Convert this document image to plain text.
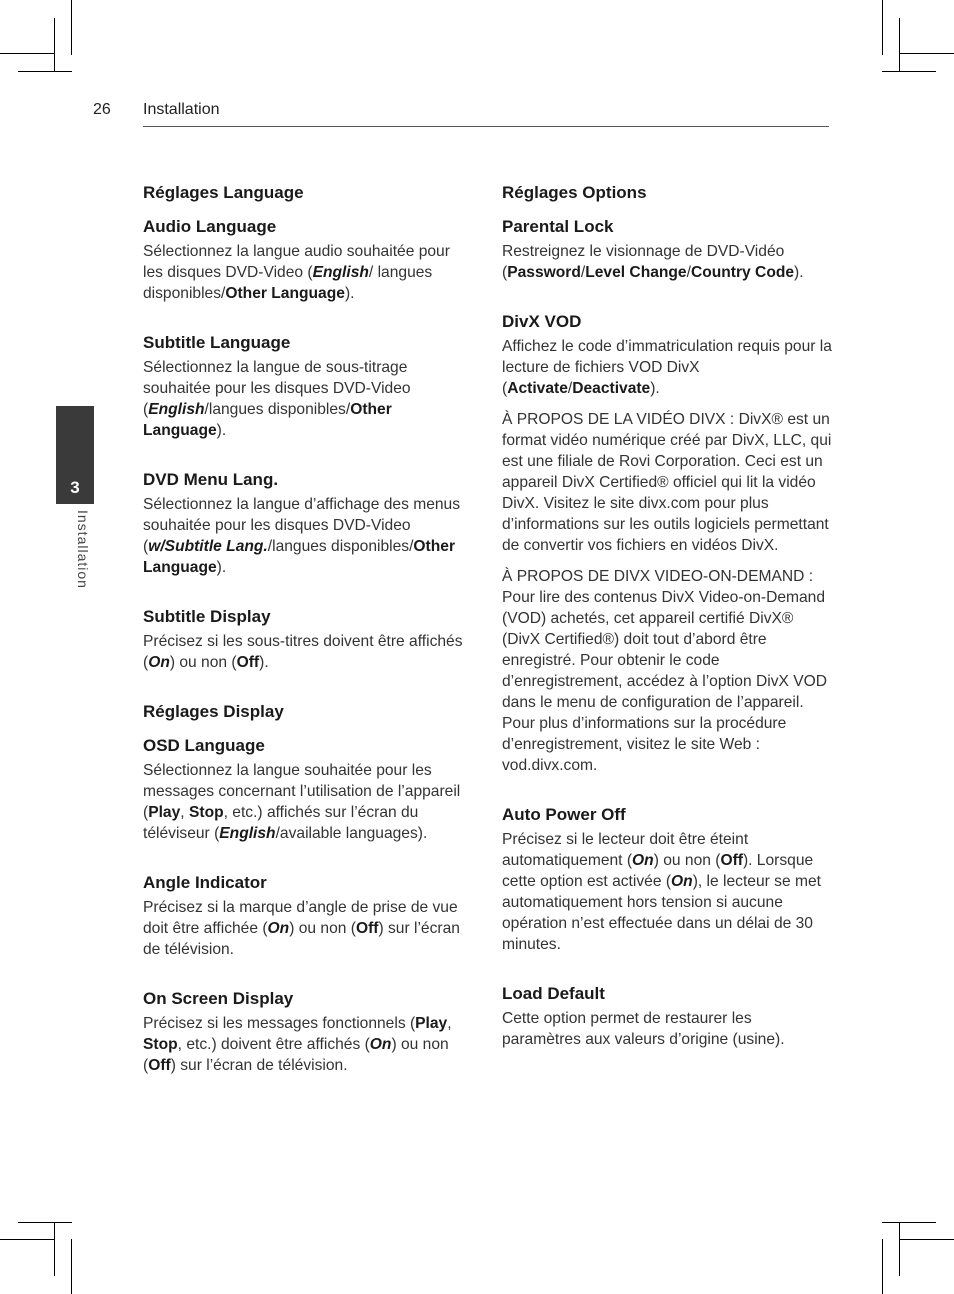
26 Installation
3
Installation
Réglages Language
Audio Language

Sélectionnez la langue audio souhaitée pour les disques DVD-Video (English/ langues disponibles/Other Language).

Subtitle Language

Sélectionnez la langue de sous-titrage souhaitée pour les disques DVD-Video (English/langues disponibles/Other Language).

DVD Menu Lang.

Sélectionnez la langue d’affichage des menus souhaitée pour les disques DVD-Video (w/Subtitle Lang./langues disponibles/Other Language).

Subtitle Display

Précisez si les sous-titres doivent être affichés (On) ou non (Off).

Réglages Display
OSD Language

Sélectionnez la langue souhaitée pour les messages concernant l’utilisation de l’appareil (Play, Stop, etc.) affichés sur l’écran du téléviseur (English/available languages).

Angle Indicator

Précisez si la marque d’angle de prise de vue doit être affichée (On) ou non (Off) sur l’écran de télévision.

On Screen Display

Précisez si les messages fonctionnels (Play, Stop, etc.) doivent être affichés (On) ou non (Off) sur l’écran de télévision.

Réglages Options
Parental Lock

Restreignez le visionnage de DVD-Vidéo (Password/Level Change/Country Code).

DivX VOD

Affichez le code d’immatriculation requis pour la lecture de fichiers VOD DivX (Activate/Deactivate).

À PROPOS DE LA VIDÉO DIVX : DivX® est un format vidéo numérique créé par DivX, LLC, qui est une filiale de Rovi Corporation. Ceci est un appareil DivX Certified® officiel qui lit la vidéo DivX. Visitez le site divx.com pour plus d’informations sur les outils logiciels permettant de convertir vos fichiers en vidéos DivX.

À PROPOS DE DIVX VIDEO-ON-DEMAND : Pour lire des contenus DivX Video-on-Demand (VOD) achetés, cet appareil certifié DivX® (DivX Certified®) doit tout d’abord être enregistré. Pour obtenir le code d’enregistrement, accédez à l’option DivX VOD dans le menu de configuration de l’appareil. Pour plus d’informations sur la procédure d’enregistrement, visitez le site Web : vod.divx.com.

Auto Power Off

Précisez si le lecteur doit être éteint automatiquement (On) ou non (Off). Lorsque cette option est activée (On), le lecteur se met automatiquement hors tension si aucune opération n’est effectuée dans un délai de 30 minutes.

Load Default

Cette option permet de restaurer les paramètres aux valeurs d’origine (usine).
